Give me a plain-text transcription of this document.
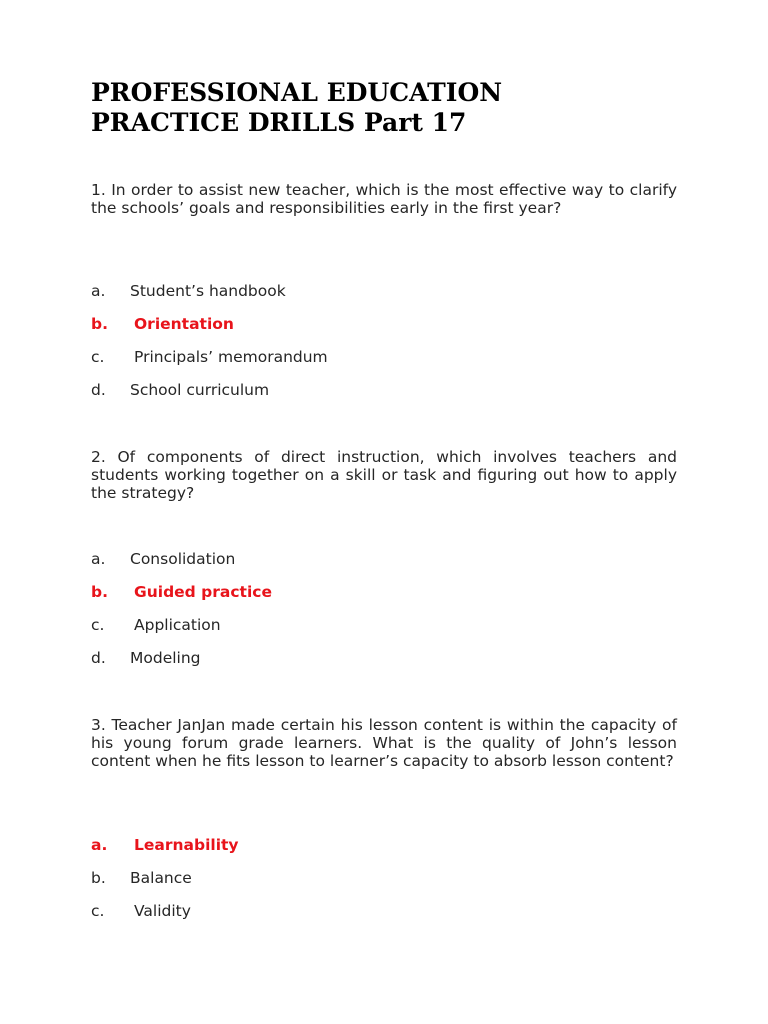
PROFESSIONAL EDUCATION
PRACTICE DRILLS Part 17

1. In order to assist new teacher, which is the most effective way to clarify the schools’ goals and responsibilities early in the first year?

a. Student’s handbook
b. Orientation
c. Principals’ memorandum
d. School curriculum

2. Of components of direct instruction, which involves teachers and students working together on a skill or task and figuring out how to apply the strategy?

a. Consolidation
b. Guided practice
c. Application
d. Modeling

3. Teacher JanJan made certain his lesson content is within the capacity of his young forum grade learners. What is the quality of John’s lesson content when he fits lesson to learner’s capacity to absorb lesson content?

a. Learnability
b. Balance
c. Validity
